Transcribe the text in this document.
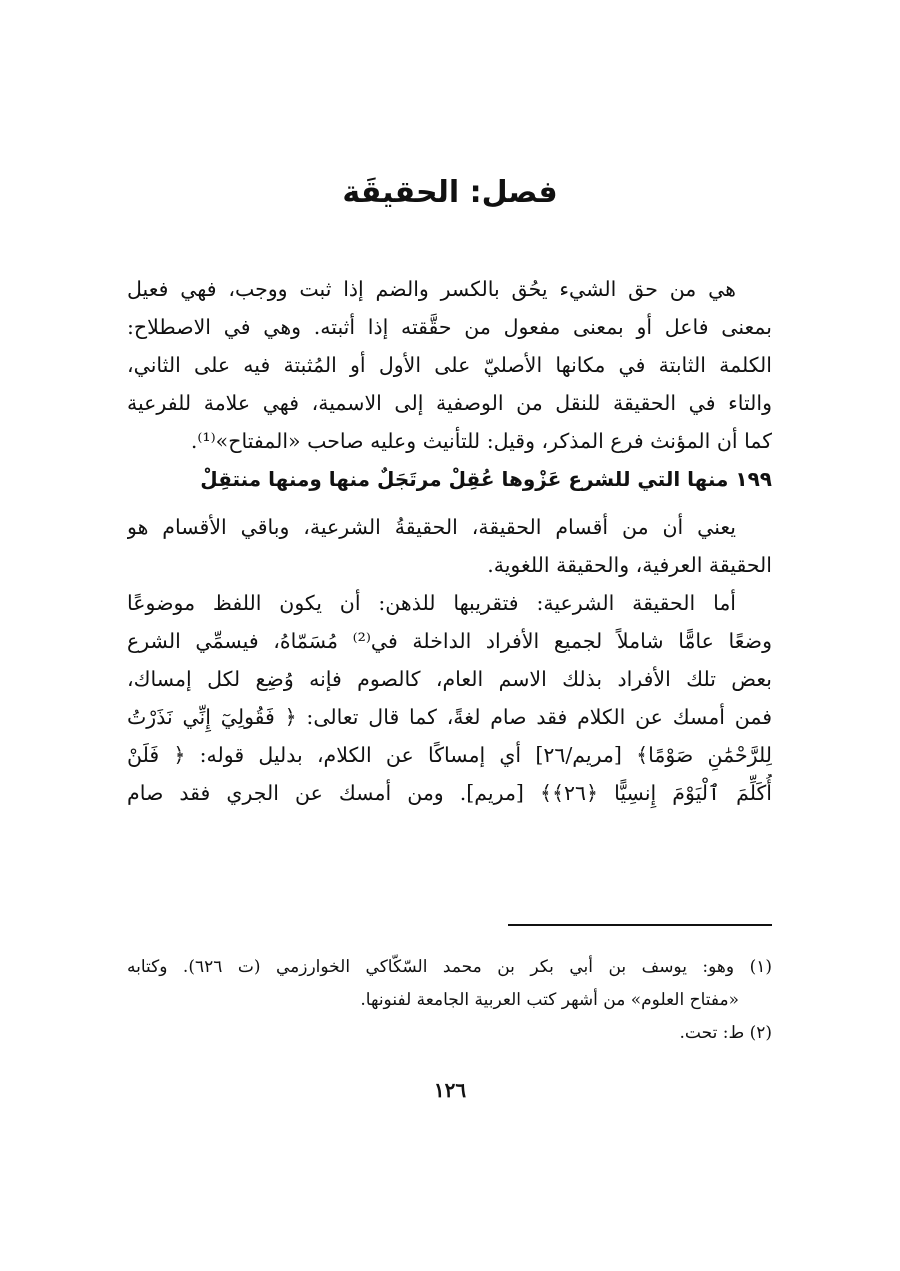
فصل: الحقيقَة
هي من حق الشيء يحُق بالكسر والضم إذا ثبت ووجب، فهي فعيل
بمعنى فاعل أو بمعنى مفعول من حقَّقته إذا أثبته. وهي في الاصطلاح:
الكلمة الثابتة في مكانها الأصليّ على الأول أو المُثبتة فيه على الثاني،
والتاء في الحقيقة للنقل من الوصفية إلى الاسمية، فهي علامة للفرعية
كما أن المؤنث فرع المذكر، وقيل: للتأنيث وعليه صاحب «المفتاح»⁽¹⁾.
١٩٩ منها التي للشرع عَزْوها عُقِلْ مرتَجَلٌ منها ومنها منتقِلْ
يعني أن من أقسام الحقيقة، الحقيقةُ الشرعية، وباقي الأقسام هو
الحقيقة العرفية، والحقيقة اللغوية.
أما الحقيقة الشرعية: فتقريبها للذهن: أن يكون اللفظ موضوعًا
وضعًا عامًّا شاملاً لجميع الأفراد الداخلة في⁽²⁾ مُسَمّاهُ، فيسمِّي الشرع
بعض تلك الأفراد بذلك الاسم العام، كالصوم فإنه وُضِع لكل إمساك،
فمن أمسك عن الكلام فقد صام لغةً، كما قال تعالى: ﴿ فَقُولِيٓ إِنِّي نَذَرْتُ
لِلرَّحْمَٰنِ صَوْمًا﴾ [مريم/٢٦] أي إمساكًا عن الكلام، بدليل قوله: ﴿ فَلَنْ
أُكَلِّمَ ٱلْيَوْمَ إِنسِيًّا ﴿٢٦﴾﴾ [مريم]. ومن أمسك عن الجري فقد صام
(١) وهو: يوسف بن أبي بكر بن محمد السّكّاكي الخوارزمي (ت ٦٢٦). وكتابه
«مفتاح العلوم» من أشهر كتب العربية الجامعة لفنونها.
(٢) ط: تحت.
١٢٦
